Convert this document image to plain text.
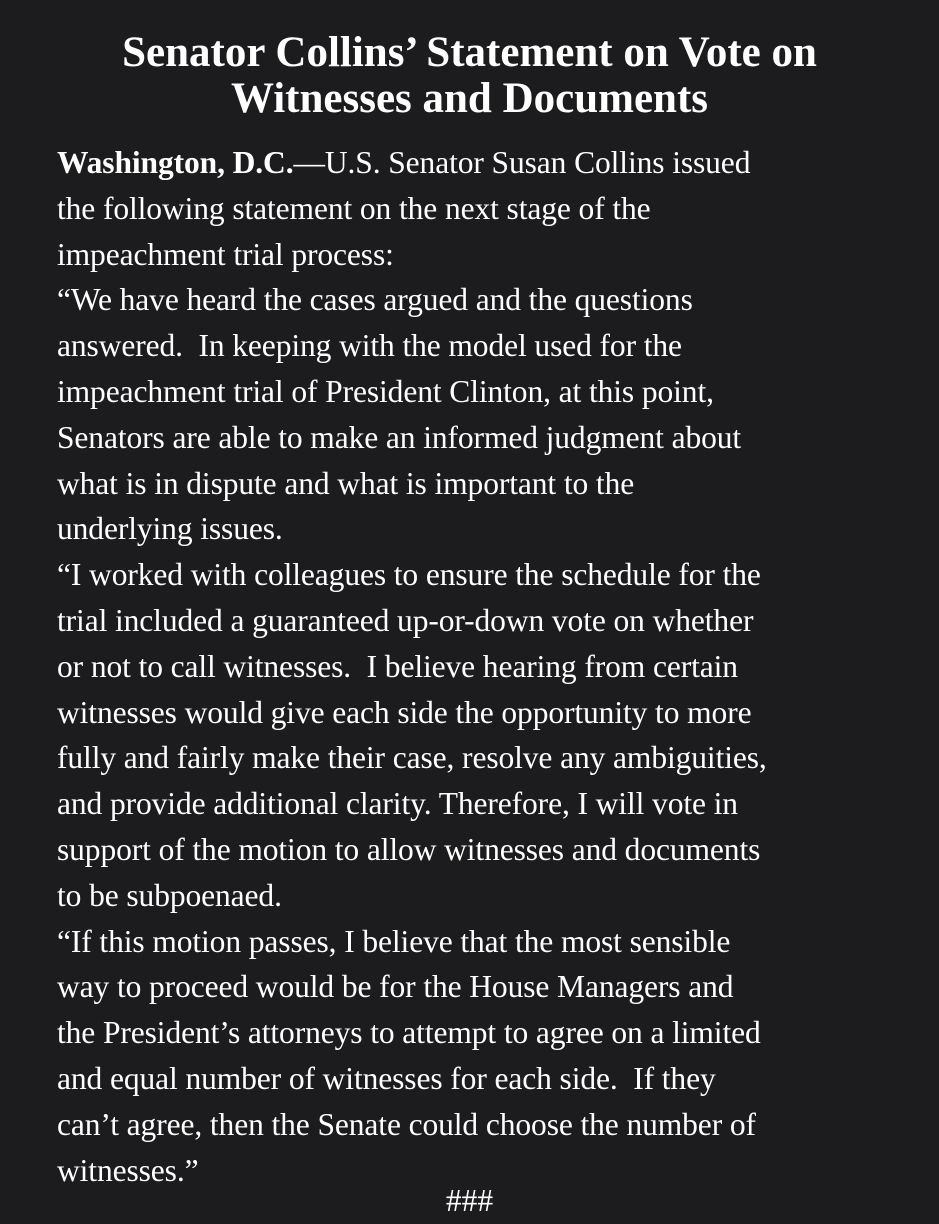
Senator Collins’ Statement on Vote on
Witnesses and Documents
Washington, D.C.—U.S. Senator Susan Collins issued
the following statement on the next stage of the
impeachment trial process:
“We have heard the cases argued and the questions
answered.  In keeping with the model used for the
impeachment trial of President Clinton, at this point,
Senators are able to make an informed judgment about
what is in dispute and what is important to the
underlying issues.
“I worked with colleagues to ensure the schedule for the
trial included a guaranteed up-or-down vote on whether
or not to call witnesses.  I believe hearing from certain
witnesses would give each side the opportunity to more
fully and fairly make their case, resolve any ambiguities,
and provide additional clarity. Therefore, I will vote in
support of the motion to allow witnesses and documents
to be subpoenaed.
“If this motion passes, I believe that the most sensible
way to proceed would be for the House Managers and
the President’s attorneys to attempt to agree on a limited
and equal number of witnesses for each side.  If they
can’t agree, then the Senate could choose the number of
witnesses.”
###
